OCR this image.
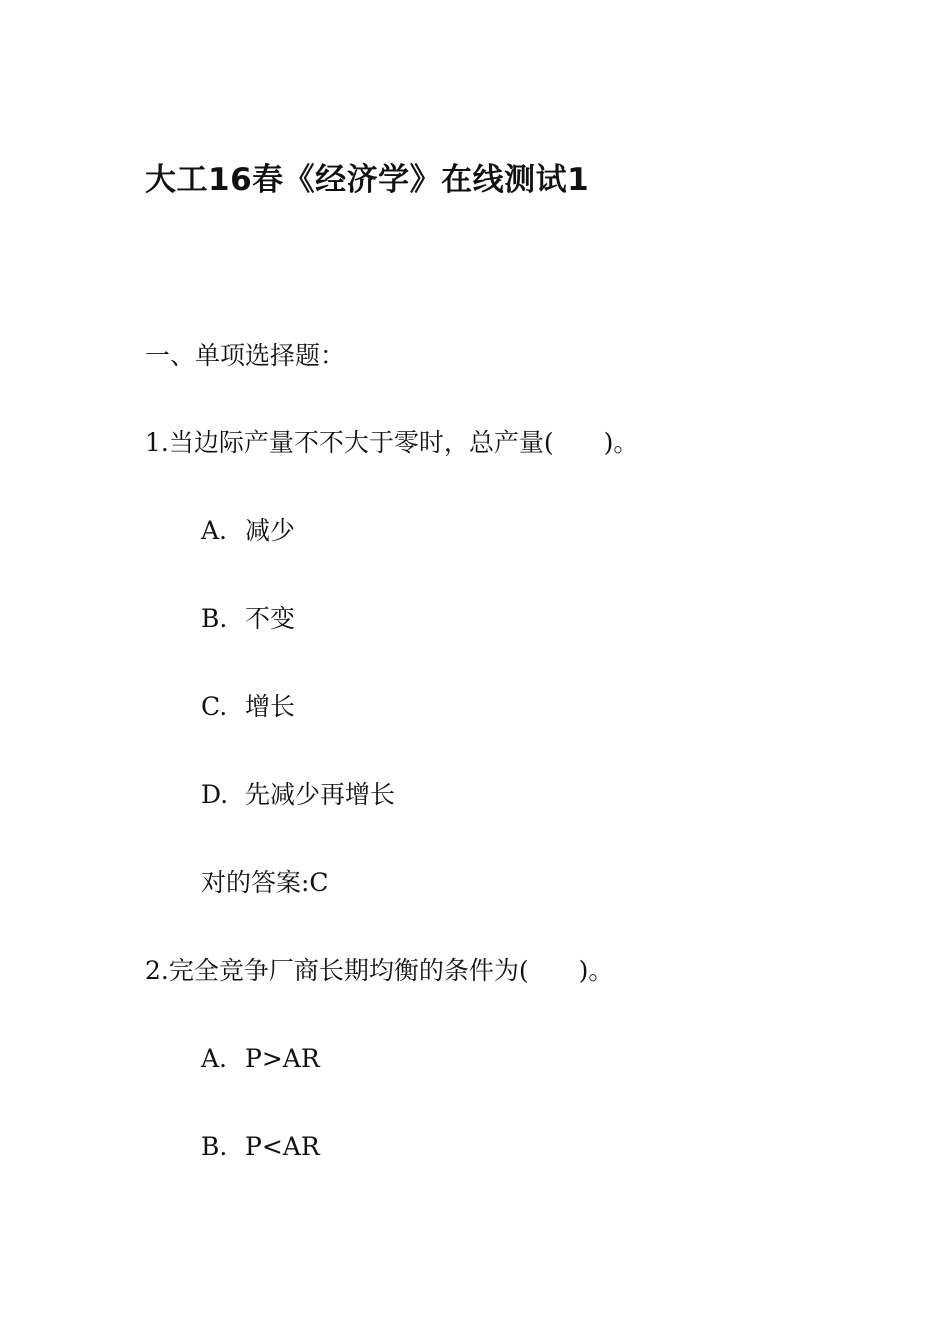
大工16春《经济学》在线测试1
一、单项选择题：
1.当边际产量不不大于零时，总产量(　　)。
A. 减少
B. 不变
C. 增长
D. 先减少再增长
对的答案:C
2.完全竞争厂商长期均衡的条件为(　　)。
A. P>AR
B. P<AR
